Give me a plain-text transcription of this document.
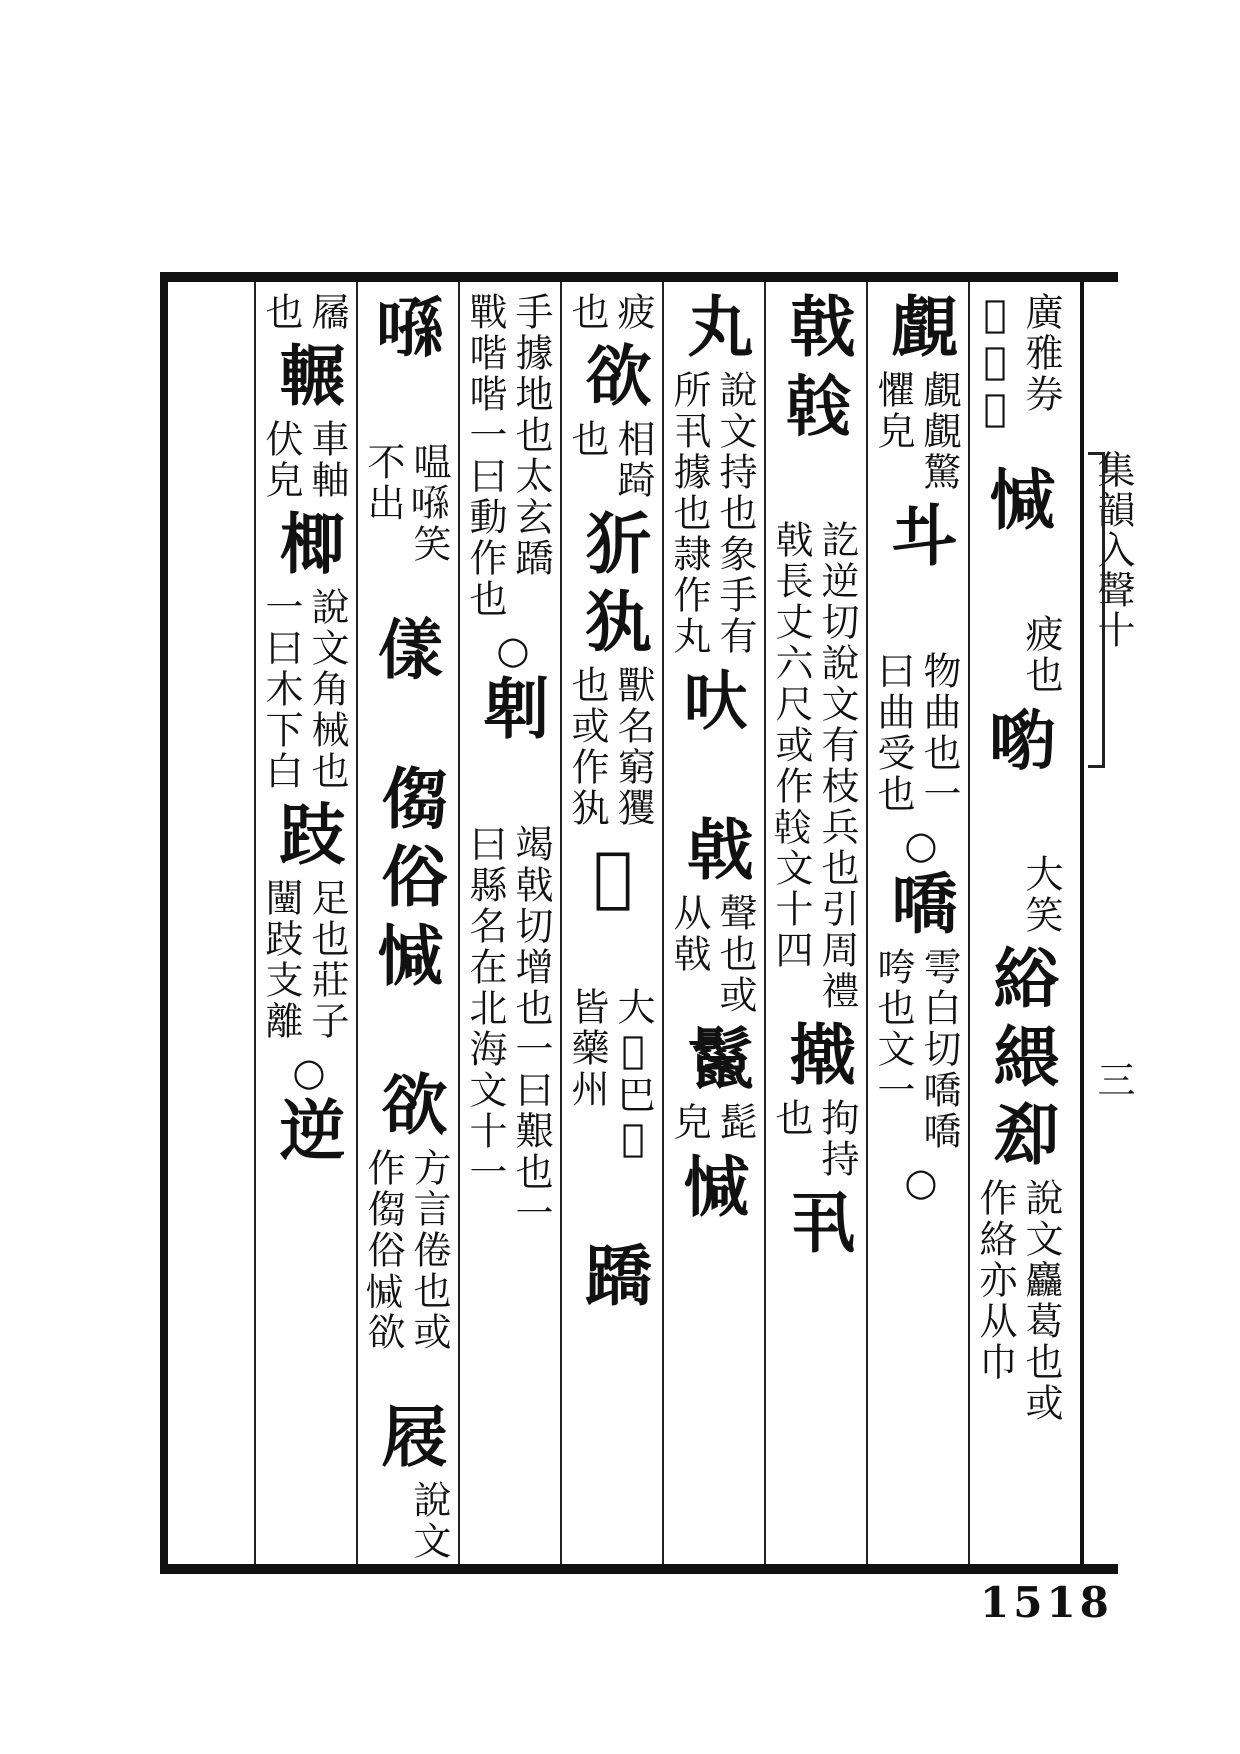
集韻入聲十
三
廣雅券
𨚢極也
𢜩
疲也
𠹕
大笑
綌
䋿
㕁
說文麤葛也或
作絡亦从巾
覰
覰覰驚
懼皃
𠥼
物曲也一
曰曲受也
○
嘺
雩白切嘺嘺
咵也文一
○
戟
𢧢
訖逆切說文有枝兵也引周禮
戟長丈六尺或作𢧢文十四
撠
拘持
也
丮
丸
說文持也象手有
所丮據也隷作丸
𠯈
㦸
聲也或
从戟
鬣
髭
皃
𢜩
疲
也
欲
相踦
也
㹞
犱
獸名窮玃
也或作犱
𧁣
大𧁣巴𧁣
皆藥州
蹻
手據地也太玄蹻
戰喈喈一曰動作也
○
𠜱
竭戟切增也一曰艱也一
曰縣名在北海文十一
𠹀
嗢𠹀笑
不出
𠍵
㑳
俗
𢜩
欲
方言倦也或
作㑳俗𢜩欲
屐
說文
屩
也
輾
車軸
伏皃
楖
說文角械也
一曰木下白
跂
足也莊子
闉跂支離
○
逆
1518
